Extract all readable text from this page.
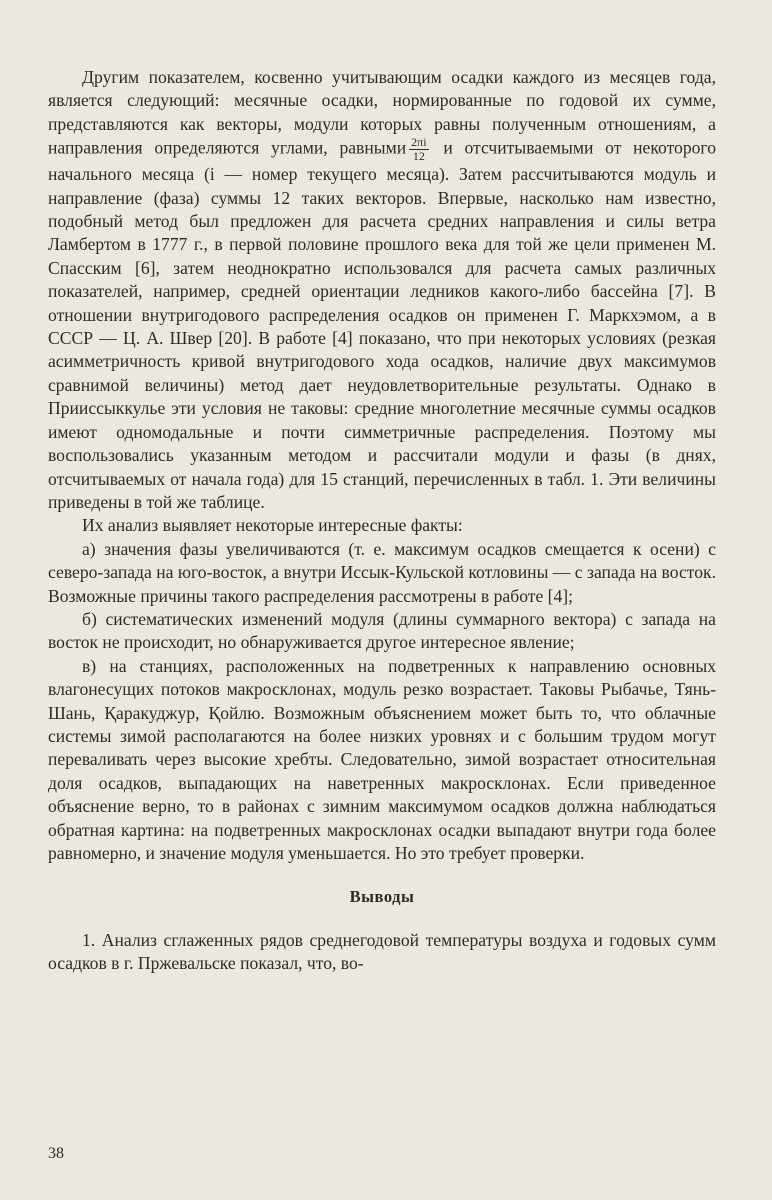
Другим показателем, косвенно учитывающим осадки каждого из месяцев года, является следующий: месячные осадки, нормированные по годовой их сумме, представляются как векторы, модули которых равны полученным отношениям, а направления определяются углами, равными $\frac{2\pi i}{12}$ и отсчитываемыми от некоторого начального месяца (i — номер текущего месяца). Затем рассчитываются модуль и направление (фаза) суммы 12 таких векторов. Впервые, насколько нам известно, подобный метод был предложен для расчета средних направления и силы ветра Ламбертом в 1777 г., в первой половине прошлого века для той же цели применен М. Спасским [6], затем неоднократно использовался для расчета самых различных показателей, например, средней ориентации ледников какого-либо бассейна [7]. В отношении внутригодового распределения осадков он применен Г. Маркхэмом, а в СССР — Ц. А. Швер [20]. В работе [4] показано, что при некоторых условиях (резкая асимметричность кривой внутригодового хода осадков, наличие двух максимумов сравнимой величины) метод дает неудовлетворительные результаты. Однако в Прииссыккулье эти условия не таковы: средние многолетние месячные суммы осадков имеют одномодальные и почти симметричные распределения. Поэтому мы воспользовались указанным методом и рассчитали модули и фазы (в днях, отсчитываемых от начала года) для 15 станций, перечисленных в табл. 1. Эти величины приведены в той же таблице.

Их анализ выявляет некоторые интересные факты:

а) значения фазы увеличиваются (т. е. максимум осадков смещается к осени) с северо-запада на юго-восток, а внутри Иссык-Кульской котловины — с запада на восток. Возможные причины такого распределения рассмотрены в работе [4];

б) систематических изменений модуля (длины суммарного вектора) с запада на восток не происходит, но обнаруживается другое интересное явление;

в) на станциях, расположенных на подветренных к направлению основных влагонесущих потоков макросклонах, модуль резко возрастает. Таковы Рыбачье, Тянь-Шань, Қаракуджур, Қойлю. Возможным объяснением может быть то, что облачные системы зимой располагаются на более низких уровнях и с большим трудом могут переваливать через высокие хребты. Следовательно, зимой возрастает относительная доля осадков, выпадающих на наветренных макросклонах. Если приведенное объяснение верно, то в районах с зимним максимумом осадков должна наблюдаться обратная картина: на подветренных макросклонах осадки выпадают внутри года более равномерно, и значение модуля уменьшается. Но это требует проверки.

Выводы

1. Анализ сглаженных рядов среднегодовой температуры воздуха и годовых сумм осадков в г. Пржевальске показал, что, во-

38
